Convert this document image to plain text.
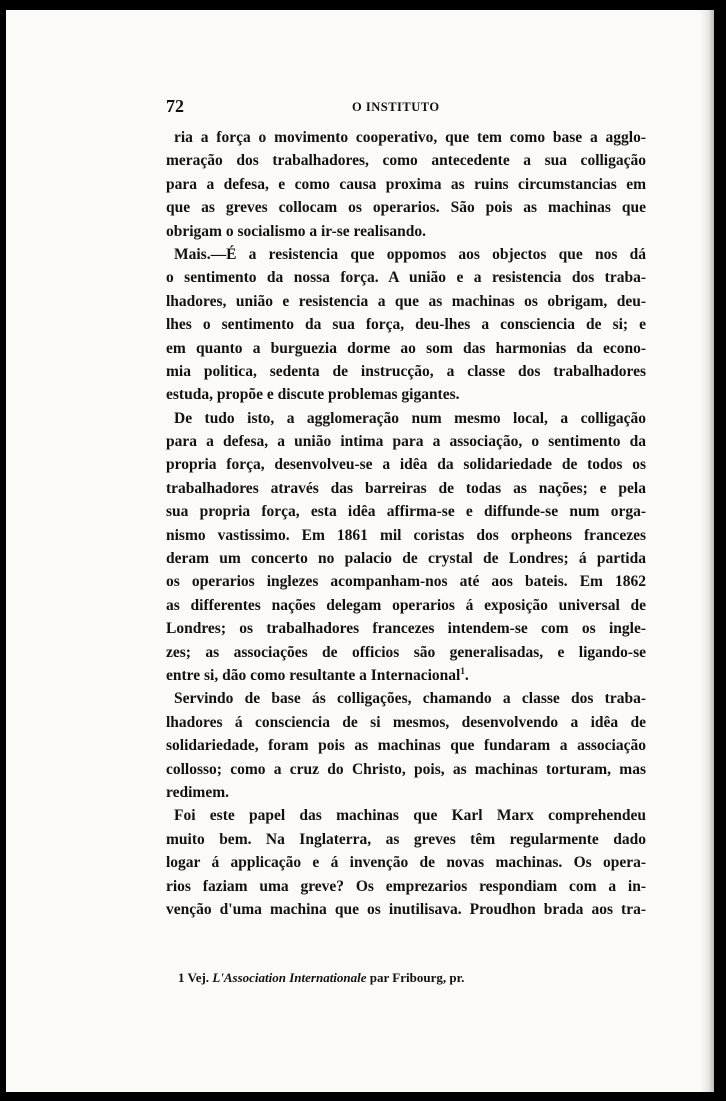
72	O INSTITUTO
ria a força o movimento cooperativo, que tem como base a agglo-
meração dos trabalhadores, como antecedente a sua colligação
para a defesa, e como causa proxima as ruins circumstancias em
que as greves collocam os operarios. São pois as machinas que
obrigam o socialismo a ir-se realisando.
Mais.—É a resistencia que oppomos aos objectos que nos dá
o sentimento da nossa força. A união e a resistencia dos traba-
lhadores, união e resistencia a que as machinas os obrigam, deu-
lhes o sentimento da sua força, deu-lhes a consciencia de si; e
em quanto a burguezia dorme ao som das harmonias da econo-
mia politica, sedenta de instrucção, a classe dos trabalhadores
estuda, propõe e discute problemas gigantes.
De tudo isto, a agglomeração num mesmo local, a colligação
para a defesa, a união intima para a associação, o sentimento da
propria força, desenvolveu-se a idêa da solidariedade de todos os
trabalhadores através das barreiras de todas as nações; e pela
sua propria força, esta idêa affirma-se e diffunde-se num orga-
nismo vastissimo. Em 1861 mil coristas dos orpheons francezes
deram um concerto no palacio de crystal de Londres; á partida
os operarios inglezes acompanham-nos até aos bateis. Em 1862
as differentes nações delegam operarios á exposição universal de
Londres; os trabalhadores francezes intendem-se com os ingle-
zes; as associações de officios são generalisadas, e ligando-se
entre si, dão como resultante a Internacional$^1$.
Servindo de base ás colligações, chamando a classe dos traba-
lhadores á consciencia de si mesmos, desenvolvendo a idêa de
solidariedade, foram pois as machinas que fundaram a associação
collosso; como a cruz do Christo, pois, as machinas torturam, mas
redimem.
Foi este papel das machinas que Karl Marx comprehendeu
muito bem. Na Inglaterra, as greves têm regularmente dado
logar á applicação e á invenção de novas machinas. Os opera-
rios faziam uma greve? Os emprezarios respondiam com a in-
venção d'uma machina que os inutilisava. Proudhon brada aos tra-
1 Vej. L'Association Internationale par Fribourg, pr.
